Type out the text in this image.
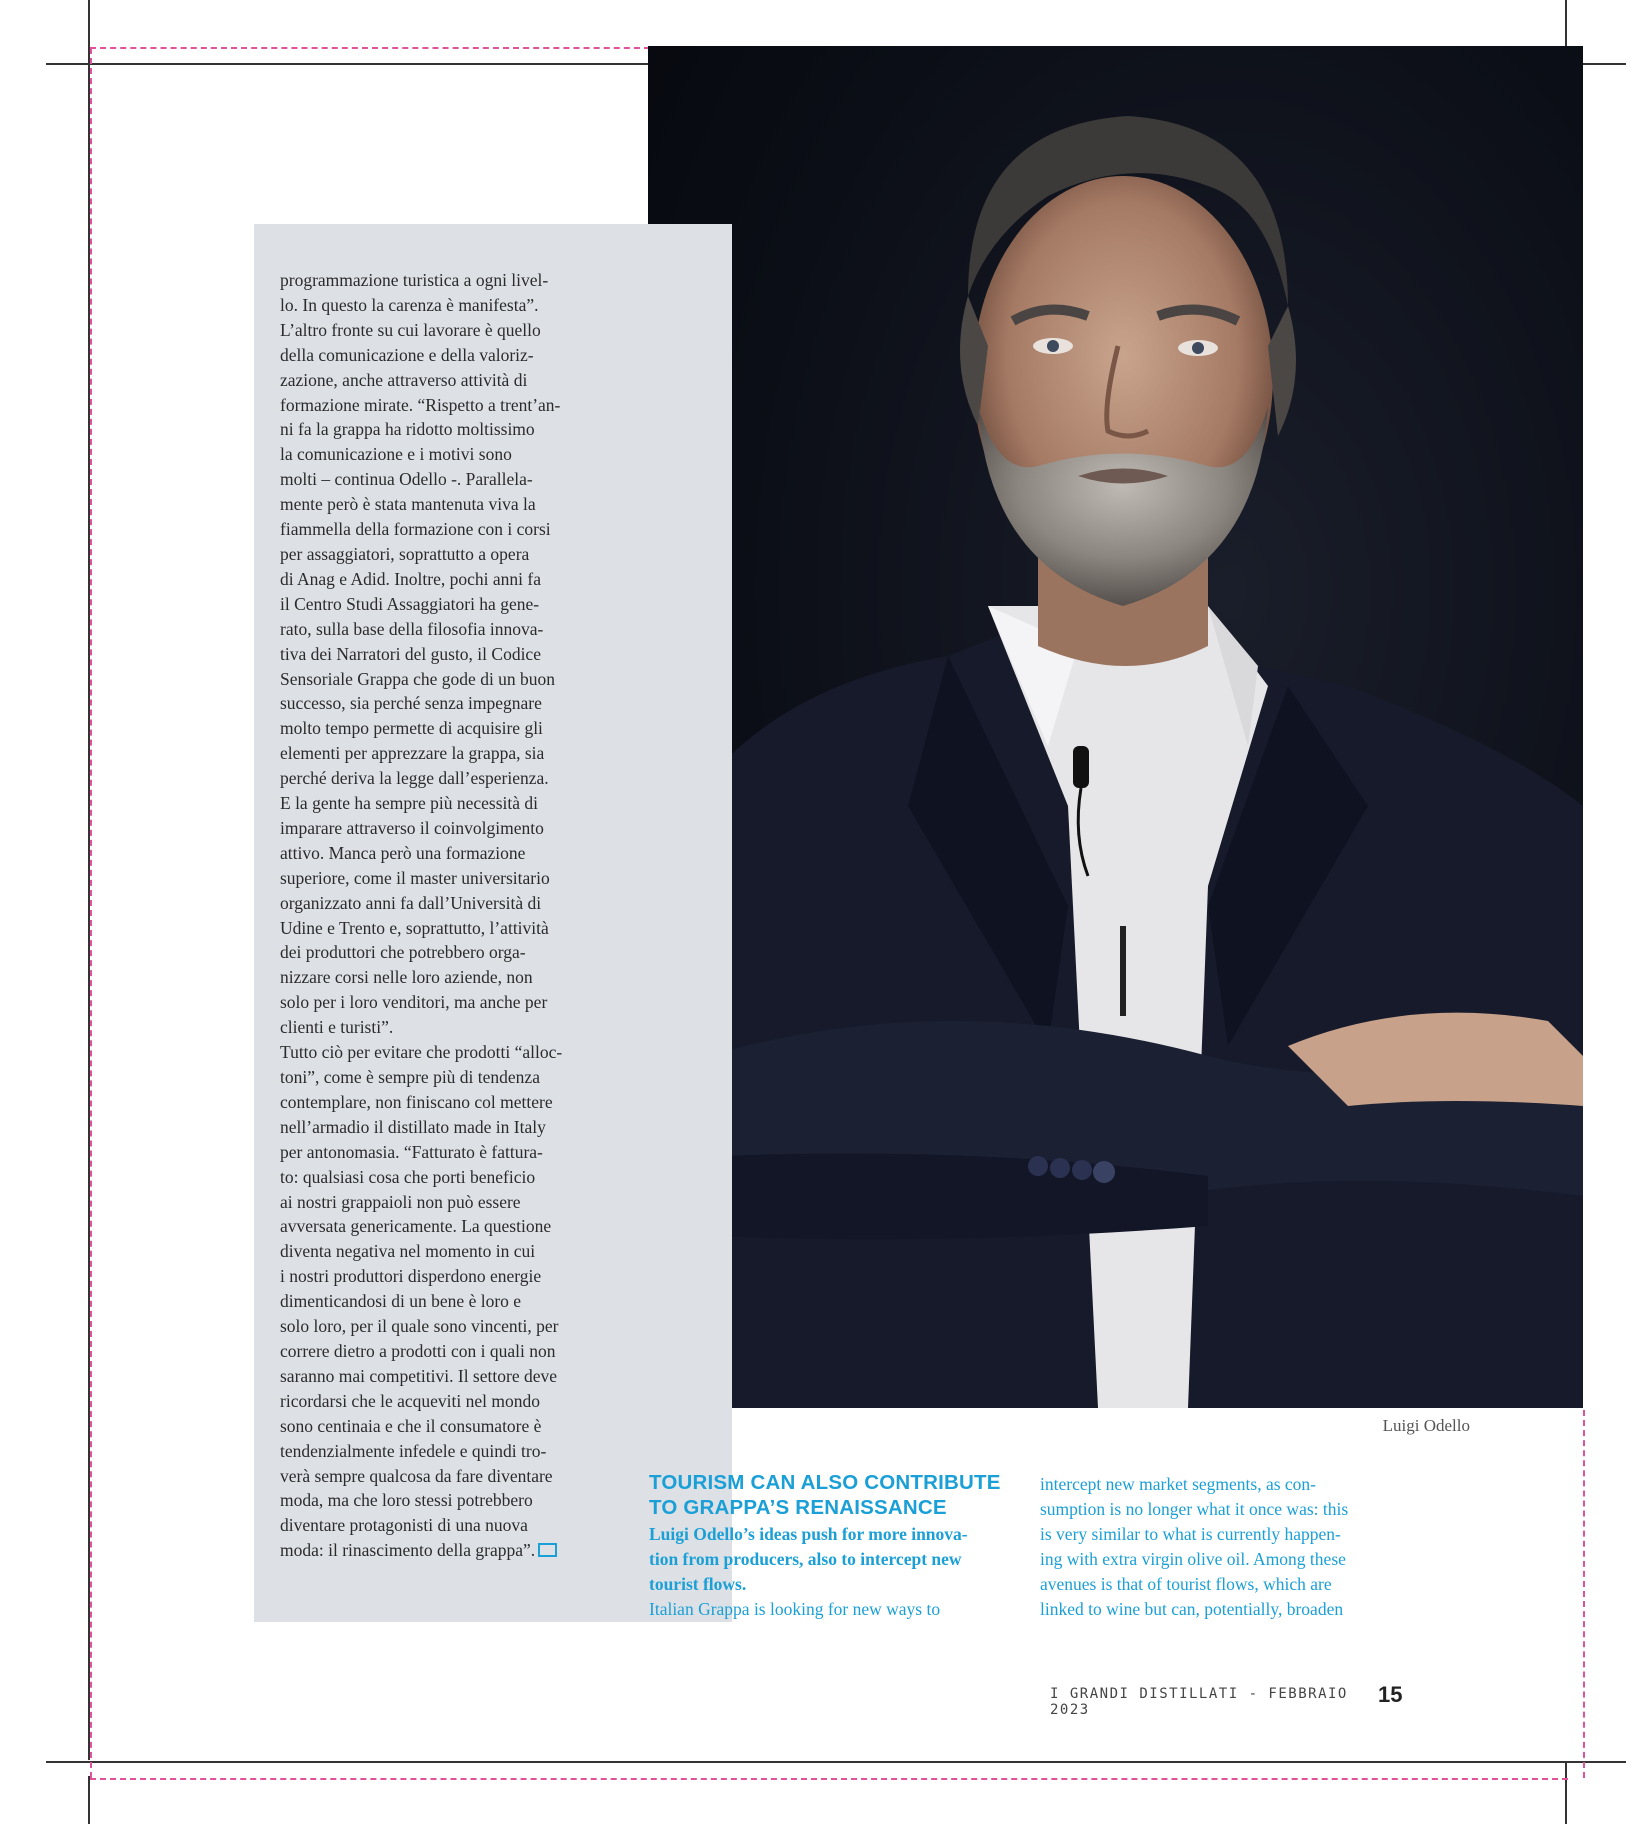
programmazione turistica a ogni livel-

lo. In questo la carenza è manifesta”.

L’altro fronte su cui lavorare è quello

della comunicazione e della valoriz-

zazione, anche attraverso attività di

formazione mirate. “Rispetto a trent’an-

ni fa la grappa ha ridotto moltissimo

la comunicazione e i motivi sono

molti – continua Odello -. Parallela-

mente però è stata mantenuta viva la

fiammella della formazione con i corsi

per assaggiatori, soprattutto a opera

di Anag e Adid. Inoltre, pochi anni fa

il Centro Studi Assaggiatori ha gene-

rato, sulla base della filosofia innova-

tiva dei Narratori del gusto, il Codice

Sensoriale Grappa che gode di un buon

successo, sia perché senza impegnare

molto tempo permette di acquisire gli

elementi per apprezzare la grappa, sia

perché deriva la legge dall’esperienza.

E la gente ha sempre più necessità di

imparare attraverso il coinvolgimento

attivo. Manca però una formazione

superiore, come il master universitario

organizzato anni fa dall’Università di

Udine e Trento e, soprattutto, l’attività

dei produttori che potrebbero orga-

nizzare corsi nelle loro aziende, non

solo per i loro venditori, ma anche per

clienti e turisti”.

Tutto ciò per evitare che prodotti “alloc-

toni”, come è sempre più di tendenza

contemplare, non finiscano col mettere

nell’armadio il distillato made in Italy

per antonomasia. “Fatturato è fattura-

to: qualsiasi cosa che porti beneficio

ai nostri grappaioli non può essere

avversata genericamente. La questione

diventa negativa nel momento in cui

i nostri produttori disperdono energie

dimenticandosi di un bene è loro e

solo loro, per il quale sono vincenti, per

correre dietro a prodotti con i quali non

saranno mai competitivi. Il settore deve

ricordarsi che le acqueviti nel mondo

sono centinaia e che il consumatore è

tendenzialmente infedele e quindi tro-

verà sempre qualcosa da fare diventare

moda, ma che loro stessi potrebbero

diventare protagonisti di una nuova

moda: il rinascimento della grappa”.

Luigi Odello
TOURISM CAN ALSO CONTRIBUTE TO GRAPPA’S RENAISSANCE

Luigi Odello’s ideas push for more innova-

tion from producers, also to intercept new

tourist flows.

Italian Grappa is looking for new ways to

intercept new market segments, as con-

sumption is no longer what it once was: this

is very similar to what is currently happen-

ing with extra virgin olive oil. Among these

avenues is that of tourist flows, which are

linked to wine but can, potentially, broaden

I GRANDI DISTILLATI - FEBBRAIO 2023
15
